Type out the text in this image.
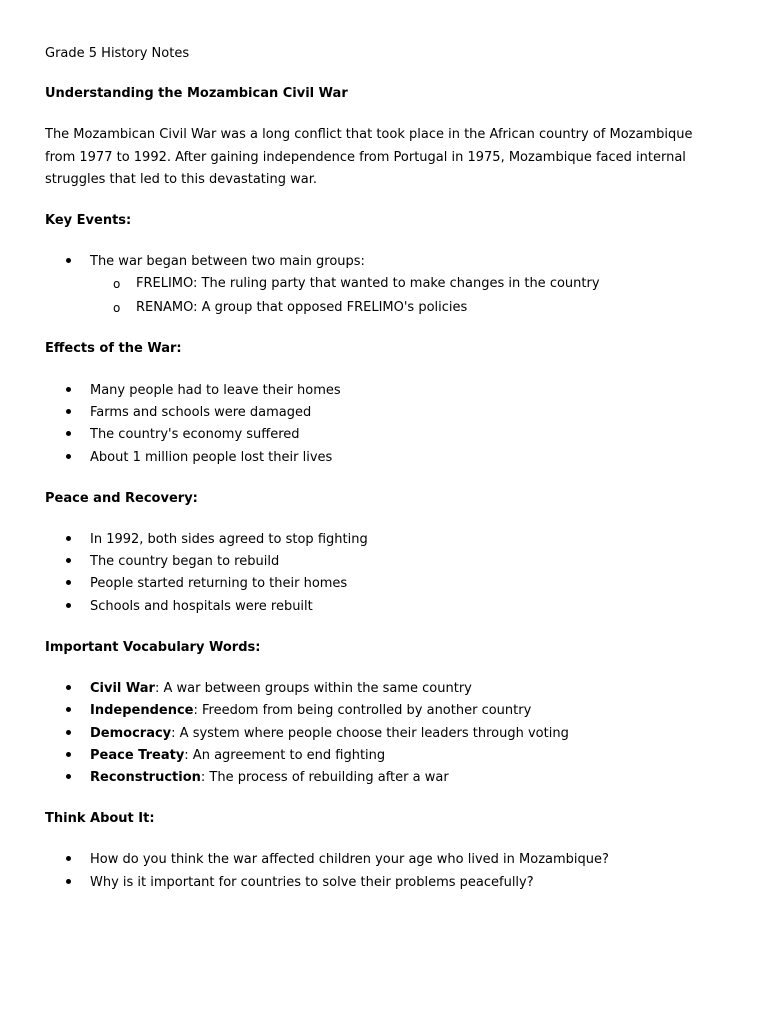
Grade 5 History Notes
Understanding the Mozambican Civil War
The Mozambican Civil War was a long conflict that took place in the African country of Mozambique from 1977 to 1992. After gaining independence from Portugal in 1975, Mozambique faced internal struggles that led to this devastating war.
Key Events:
The war began between two main groups:
o FRELIMO: The ruling party that wanted to make changes in the country
o RENAMO: A group that opposed FRELIMO's policies
Effects of the War:
Many people had to leave their homes
Farms and schools were damaged
The country's economy suffered
About 1 million people lost their lives
Peace and Recovery:
In 1992, both sides agreed to stop fighting
The country began to rebuild
People started returning to their homes
Schools and hospitals were rebuilt
Important Vocabulary Words:
Civil War: A war between groups within the same country
Independence: Freedom from being controlled by another country
Democracy: A system where people choose their leaders through voting
Peace Treaty: An agreement to end fighting
Reconstruction: The process of rebuilding after a war
Think About It:
How do you think the war affected children your age who lived in Mozambique?
Why is it important for countries to solve their problems peacefully?
